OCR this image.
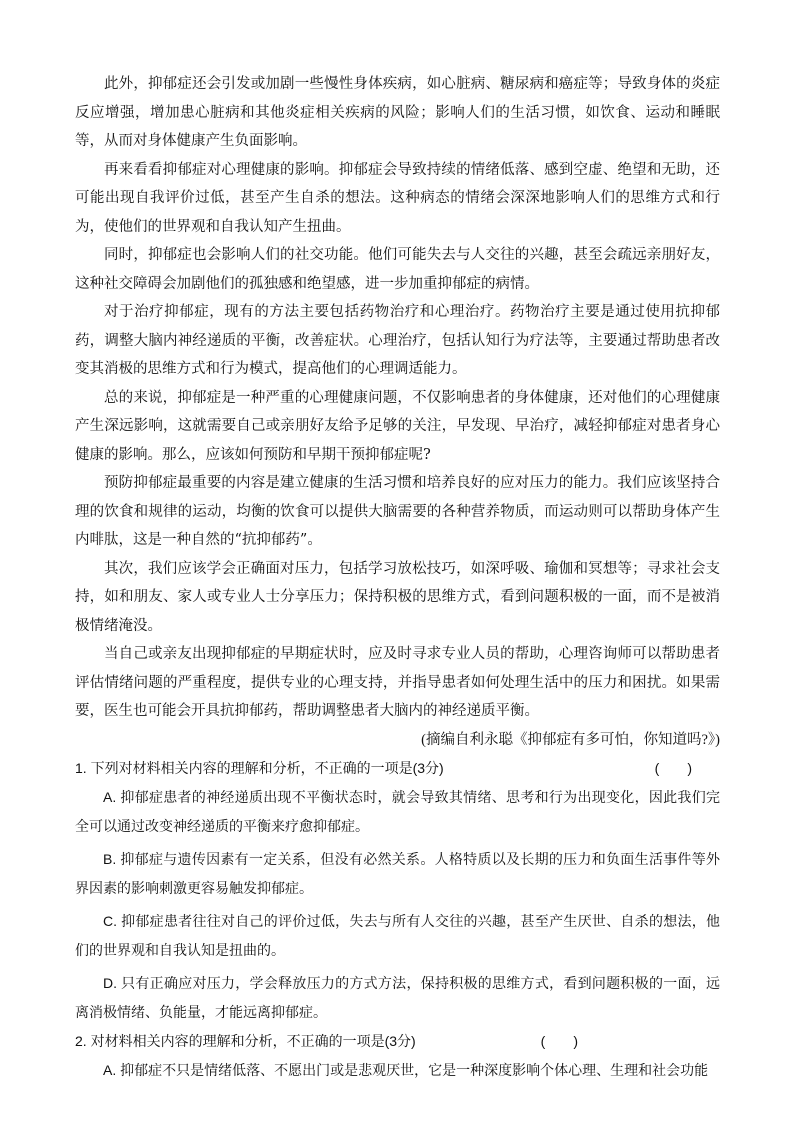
此外，抑郁症还会引发或加剧一些慢性身体疾病，如心脏病、糖尿病和癌症等；导致身体的炎症反应增强，增加患心脏病和其他炎症相关疾病的风险；影响人们的生活习惯，如饮食、运动和睡眠等，从而对身体健康产生负面影响。

再来看看抑郁症对心理健康的影响。抑郁症会导致持续的情绪低落、感到空虚、绝望和无助，还可能出现自我评价过低，甚至产生自杀的想法。这种病态的情绪会深深地影响人们的思维方式和行为，使他们的世界观和自我认知产生扭曲。

同时，抑郁症也会影响人们的社交功能。他们可能失去与人交往的兴趣，甚至会疏远亲朋好友，这种社交障碍会加剧他们的孤独感和绝望感，进一步加重抑郁症的病情。

对于治疗抑郁症，现有的方法主要包括药物治疗和心理治疗。药物治疗主要是通过使用抗抑郁药，调整大脑内神经递质的平衡，改善症状。心理治疗，包括认知行为疗法等，主要通过帮助患者改变其消极的思维方式和行为模式，提高他们的心理调适能力。

总的来说，抑郁症是一种严重的心理健康问题，不仅影响患者的身体健康，还对他们的心理健康产生深远影响，这就需要自己或亲朋好友给予足够的关注，早发现、早治疗，减轻抑郁症对患者身心健康的影响。那么，应该如何预防和早期干预抑郁症呢?

预防抑郁症最重要的内容是建立健康的生活习惯和培养良好的应对压力的能力。我们应该坚持合理的饮食和规律的运动，均衡的饮食可以提供大脑需要的各种营养物质，而运动则可以帮助身体产生内啡肽，这是一种自然的“抗抑郁药”。

其次，我们应该学会正确面对压力，包括学习放松技巧，如深呼吸、瑜伽和冥想等；寻求社会支持，如和朋友、家人或专业人士分享压力；保持积极的思维方式，看到问题积极的一面，而不是被消极情绪淹没。

当自己或亲友出现抑郁症的早期症状时，应及时寻求专业人员的帮助，心理咨询师可以帮助患者评估情绪问题的严重程度，提供专业的心理支持，并指导患者如何处理生活中的压力和困扰。如果需要，医生也可能会开具抗抑郁药，帮助调整患者大脑内的神经递质平衡。

(摘编自利永聪《抑郁症有多可怕，你知道吗?》)

1. 下列对材料相关内容的理解和分析，不正确的一项是(3分)	(　　)

A. 抑郁症患者的神经递质出现不平衡状态时，就会导致其情绪、思考和行为出现变化，因此我们完全可以通过改变神经递质的平衡来疗愈抑郁症。

B. 抑郁症与遗传因素有一定关系，但没有必然关系。人格特质以及长期的压力和负面生活事件等外界因素的影响刺激更容易触发抑郁症。

C. 抑郁症患者往往对自己的评价过低，失去与所有人交往的兴趣，甚至产生厌世、自杀的想法，他们的世界观和自我认知是扭曲的。

D. 只有正确应对压力，学会释放压力的方式方法，保持积极的思维方式，看到问题积极的一面，远离消极情绪、负能量，才能远离抑郁症。

2. 对材料相关内容的理解和分析，不正确的一项是(3分)	(　　)

A. 抑郁症不只是情绪低落、不愿出门或是悲观厌世，它是一种深度影响个体心理、生理和社会功能
